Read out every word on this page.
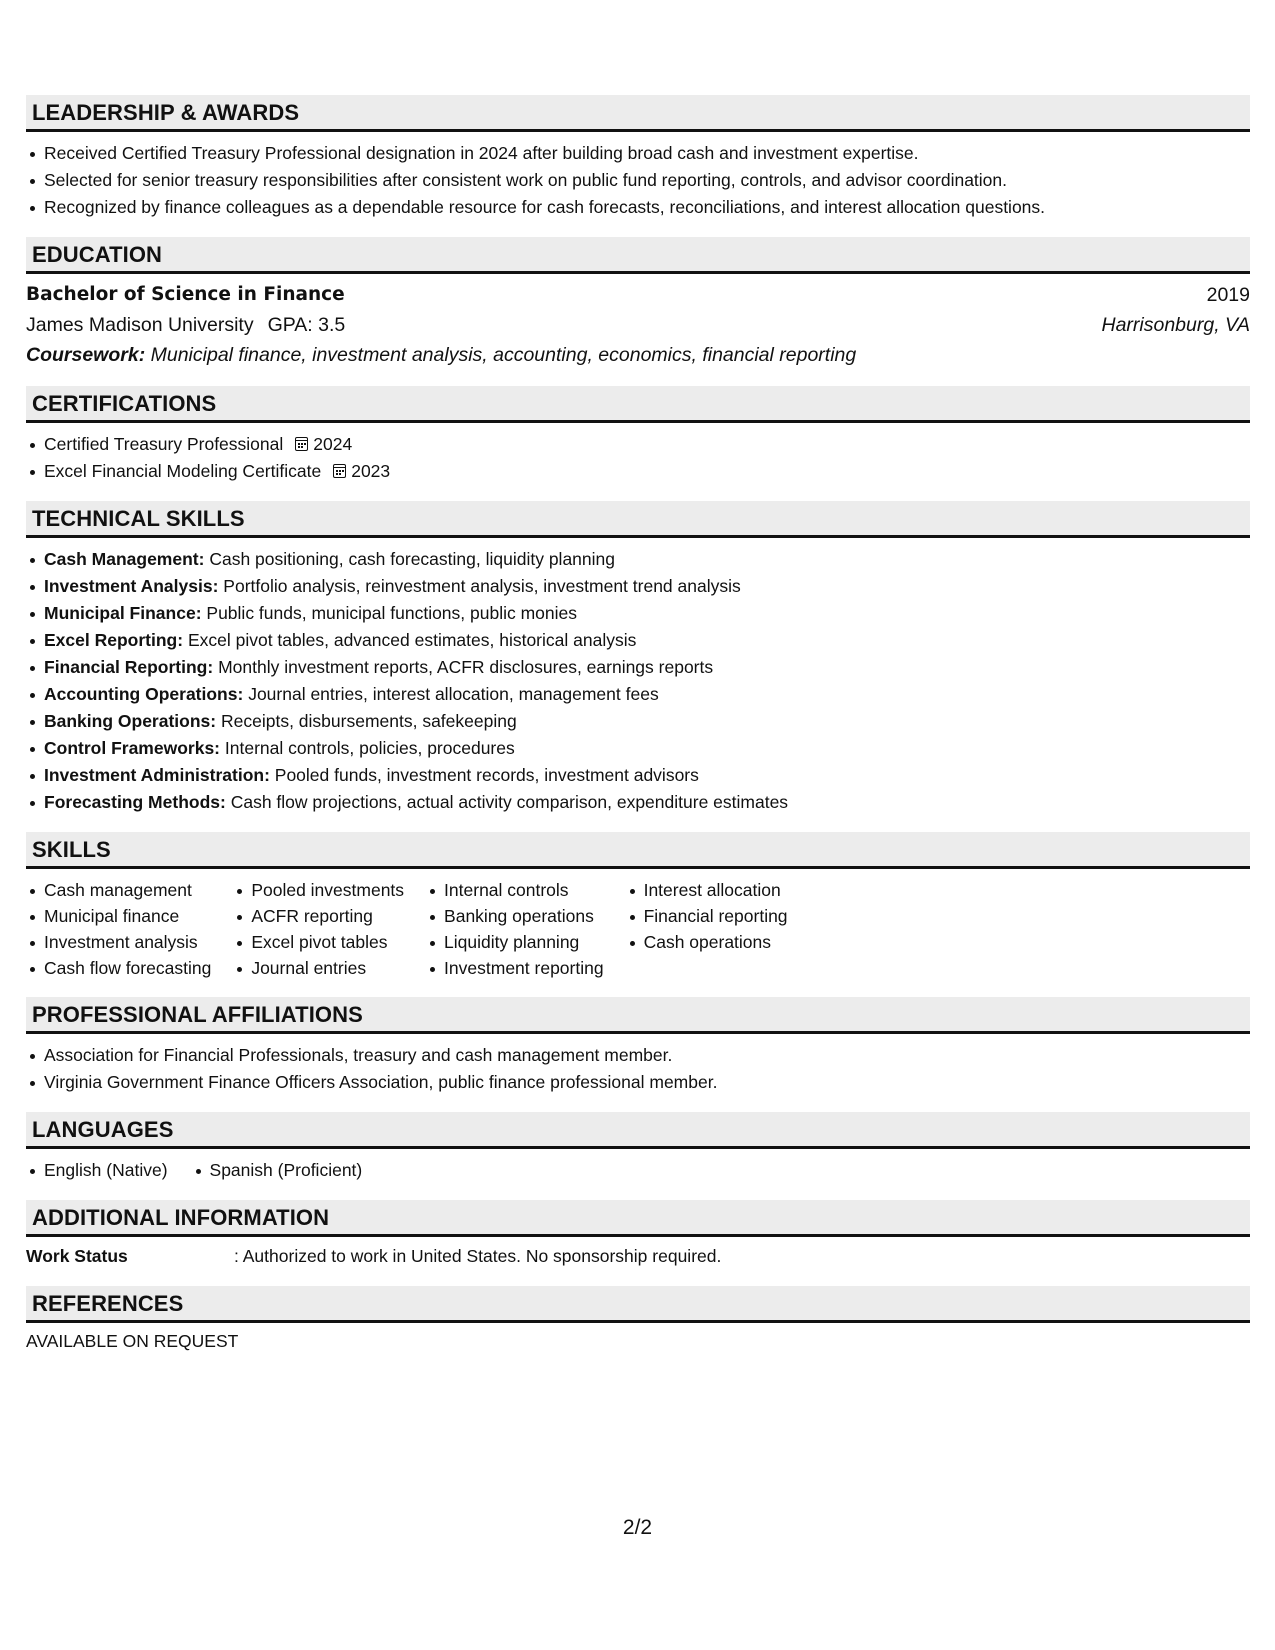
LEADERSHIP & AWARDS
Received Certified Treasury Professional designation in 2024 after building broad cash and investment expertise.
Selected for senior treasury responsibilities after consistent work on public fund reporting, controls, and advisor coordination.
Recognized by finance colleagues as a dependable resource for cash forecasts, reconciliations, and interest allocation questions.
EDUCATION
Bachelor of Science in Finance	2019
James Madison University GPA: 3.5	Harrisonburg, VA
Coursework: Municipal finance, investment analysis, accounting, economics, financial reporting
CERTIFICATIONS
Certified Treasury Professional 2024
Excel Financial Modeling Certificate 2023
TECHNICAL SKILLS
Cash Management: Cash positioning, cash forecasting, liquidity planning
Investment Analysis: Portfolio analysis, reinvestment analysis, investment trend analysis
Municipal Finance: Public funds, municipal functions, public monies
Excel Reporting: Excel pivot tables, advanced estimates, historical analysis
Financial Reporting: Monthly investment reports, ACFR disclosures, earnings reports
Accounting Operations: Journal entries, interest allocation, management fees
Banking Operations: Receipts, disbursements, safekeeping
Control Frameworks: Internal controls, policies, procedures
Investment Administration: Pooled funds, investment records, investment advisors
Forecasting Methods: Cash flow projections, actual activity comparison, expenditure estimates
SKILLS
Cash management
Municipal finance
Investment analysis
Cash flow forecasting
Pooled investments
ACFR reporting
Excel pivot tables
Journal entries
Internal controls
Banking operations
Liquidity planning
Investment reporting
Interest allocation
Financial reporting
Cash operations
PROFESSIONAL AFFILIATIONS
Association for Financial Professionals, treasury and cash management member.
Virginia Government Finance Officers Association, public finance professional member.
LANGUAGES
English (Native)	Spanish (Proficient)
ADDITIONAL INFORMATION
Work Status	: Authorized to work in United States. No sponsorship required.
REFERENCES
AVAILABLE ON REQUEST
2/2
